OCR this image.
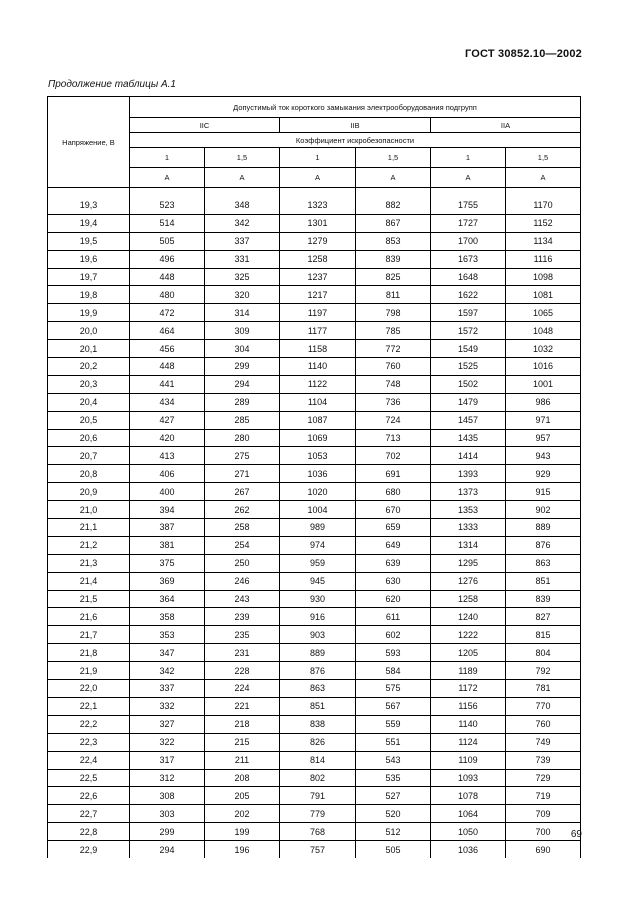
ГОСТ 30852.10—2002
Продолжение таблицы А.1
Напряжение, В	Допустимый ток короткого замыкания электрооборудования подгрупп					
	IIC		IIB		IIA	
	Коэффициент искробезопасности					
	1	1,5	1	1,5	1	1,5
	А	А	А	А	А	А

19,3	523	348	1323	882	1755	1170
19,4	514	342	1301	867	1727	1152
19,5	505	337	1279	853	1700	1134
19,6	496	331	1258	839	1673	1116
19,7	448	325	1237	825	1648	1098
19,8	480	320	1217	811	1622	1081
19,9	472	314	1197	798	1597	1065
20,0	464	309	1177	785	1572	1048
20,1	456	304	1158	772	1549	1032
20,2	448	299	1140	760	1525	1016
20,3	441	294	1122	748	1502	1001
20,4	434	289	1104	736	1479	986
20,5	427	285	1087	724	1457	971
20,6	420	280	1069	713	1435	957
20,7	413	275	1053	702	1414	943
20,8	406	271	1036	691	1393	929
20,9	400	267	1020	680	1373	915
21,0	394	262	1004	670	1353	902
21,1	387	258	989	659	1333	889
21,2	381	254	974	649	1314	876
21,3	375	250	959	639	1295	863
21,4	369	246	945	630	1276	851
21,5	364	243	930	620	1258	839
21,6	358	239	916	611	1240	827
21,7	353	235	903	602	1222	815
21,8	347	231	889	593	1205	804
21,9	342	228	876	584	1189	792
22,0	337	224	863	575	1172	781
22,1	332	221	851	567	1156	770
22,2	327	218	838	559	1140	760
22,3	322	215	826	551	1124	749
22,4	317	211	814	543	1109	739
22,5	312	208	802	535	1093	729
22,6	308	205	791	527	1078	719
22,7	303	202	779	520	1064	709
22,8	299	199	768	512	1050	700
22,9	294	196	757	505	1036	690
69
